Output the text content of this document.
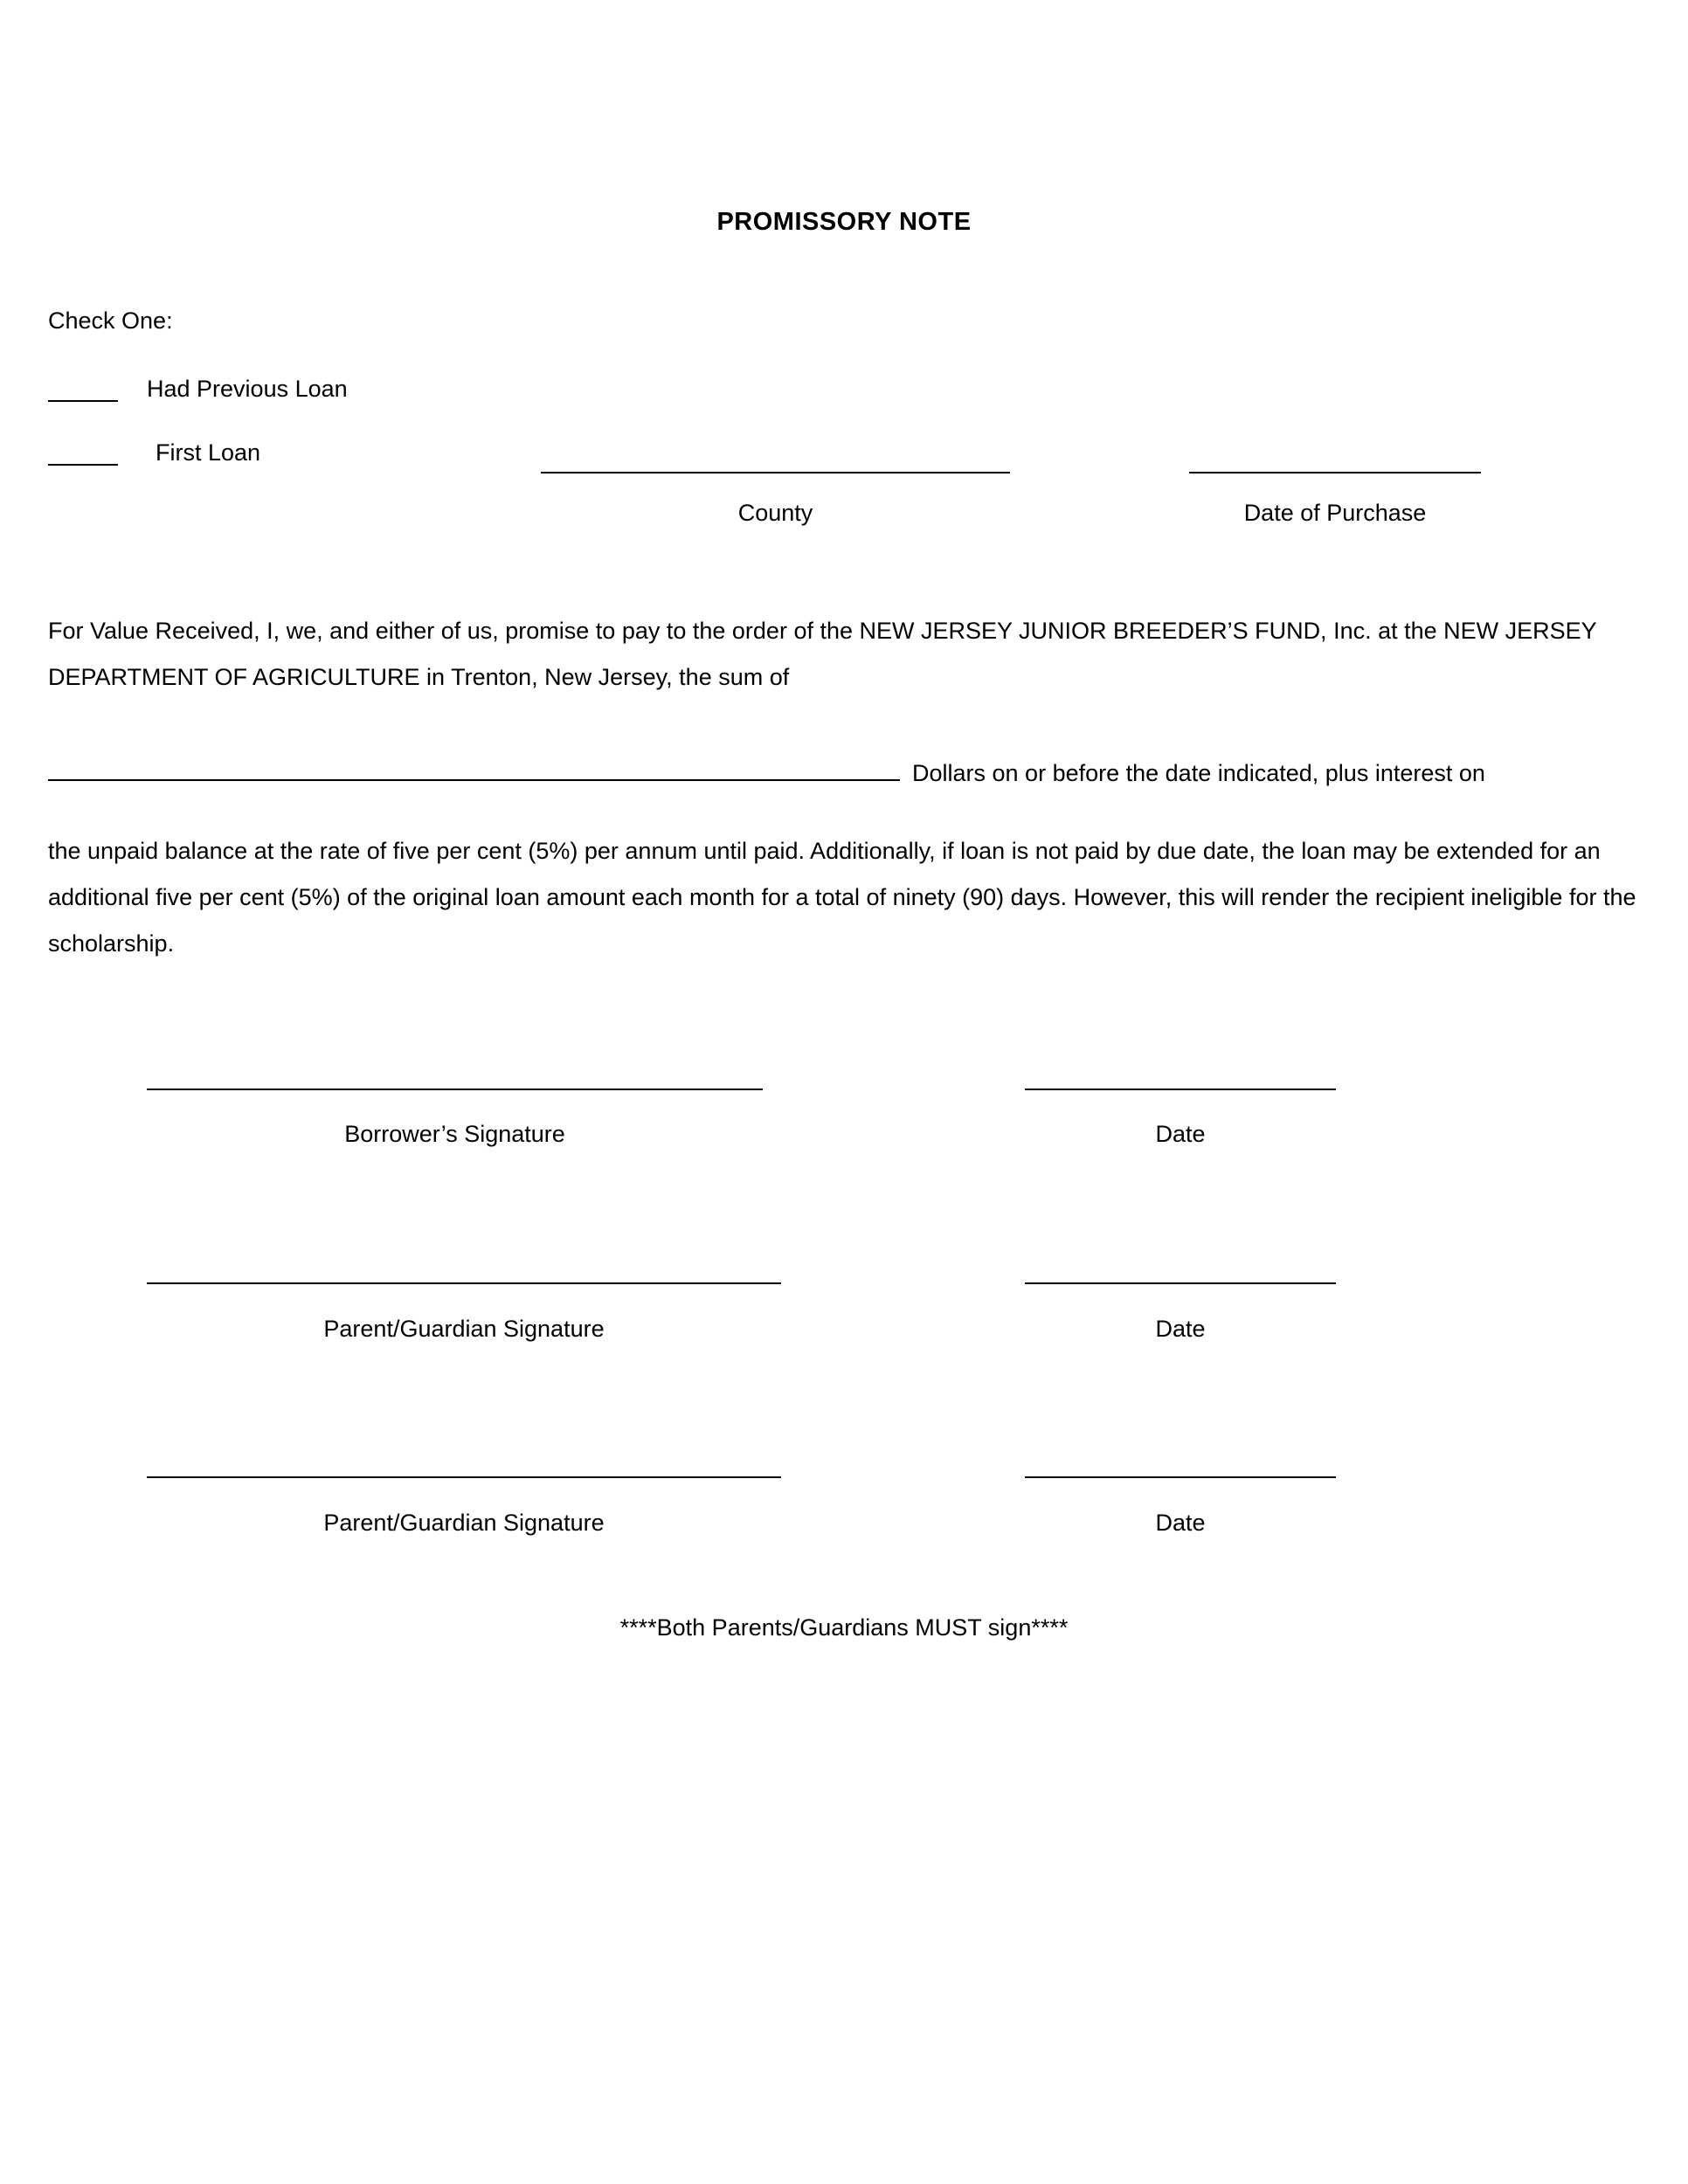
PROMISSORY NOTE
Check One:
Had Previous Loan
First Loan
County	Date of Purchase
For Value Received, I, we, and either of us, promise to pay to the order of the NEW JERSEY JUNIOR BREEDER’S FUND, Inc. at the NEW JERSEY DEPARTMENT OF AGRICULTURE in Trenton, New Jersey, the sum of
Dollars on or before the date indicated, plus interest on
the unpaid balance at the rate of five per cent (5%) per annum until paid. Additionally, if loan is not paid by due date, the loan may be extended for an additional five per cent (5%) of the original loan amount each month for a total of ninety (90) days. However, this will render the recipient ineligible for the scholarship.
Borrower’s Signature	Date
Parent/Guardian Signature	Date
Parent/Guardian Signature	Date
****Both Parents/Guardians MUST sign****
